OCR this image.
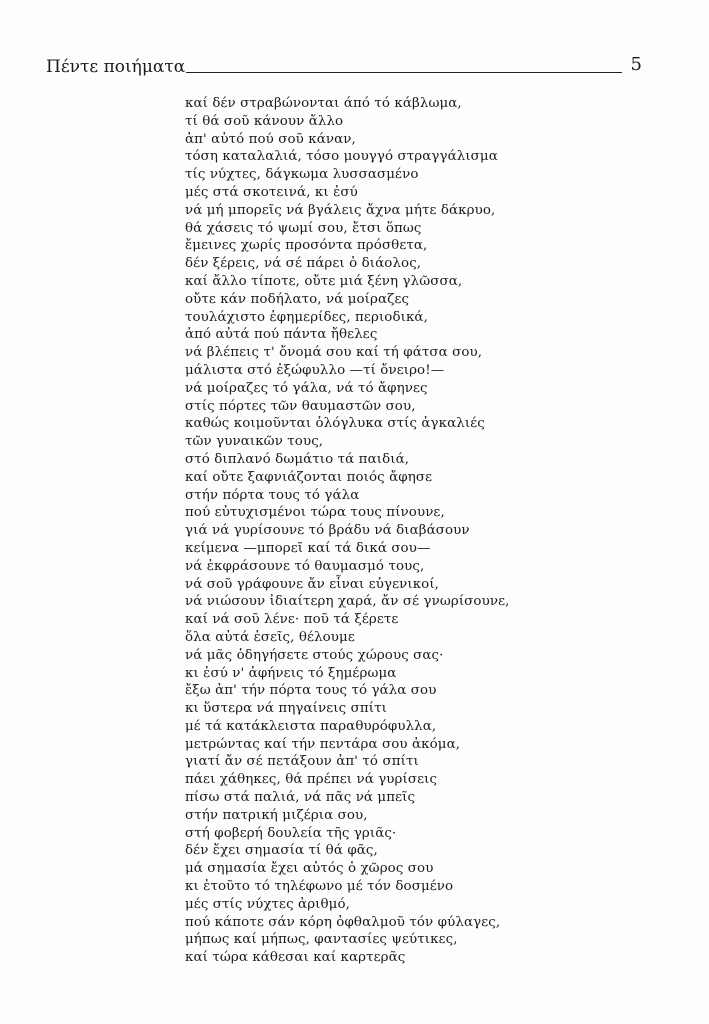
Πέντε ποιήματα	5
καί δέν στραβώνονται άπό τό κάβλωμα,
τί θά σοῦ κάνουν ἄλλο
ἀπ' αὐτό πού σοῦ κάναν,
τόση καταλαλιά, τόσο μουγγό στραγγάλισμα
τίς νύχτες, δάγκωμα λυσσασμένο
μές στά σκοτεινά, κι ἐσύ
νά μή μπορεῖς νά βγάλεις ἄχνα μήτε δάκρυο,
θά χάσεις τό ψωμί σου, ἔτσι ὅπως
ἔμεινες χωρίς προσόντα πρόσθετα,
δέν ξέρεις, νά σέ πάρει ὁ διάολος,
καί ἄλλο τίποτε, οὔτε μιά ξένη γλῶσσα,
οὔτε κάν ποδήλατο, νά μοίραζες
τουλάχιστο ἐφημερίδες, περιοδικά,
ἀπό αὐτά πού πάντα ἤθελες
νά βλέπεις τ' ὄνομά σου καί τή φάτσα σου,
μάλιστα στό ἐξώφυλλο —τί ὄνειρο!—
νά μοίραζες τό γάλα, νά τό ἄφηνες
στίς πόρτες τῶν θαυμαστῶν σου,
καθώς κοιμοῦνται ὁλόγλυκα στίς ἀγκαλιές
τῶν γυναικῶν τους,
στό διπλανό δωμάτιο τά παιδιά,
καί οὔτε ξαφνιάζονται ποιός ἄφησε
στήν πόρτα τους τό γάλα
πού εὐτυχισμένοι τώρα τους πίνουνε,
γιά νά γυρίσουνε τό βράδυ νά διαβάσουν
κείμενα —μπορεῖ καί τά δικά σου—
νά ἐκφράσουνε τό θαυμασμό τους,
νά σοῦ γράφουνε ἄν εἶναι εὐγενικοί,
νά νιώσουν ἰδιαίτερη χαρά, ἄν σέ γνωρίσουνε,
καί νά σοῦ λένε· ποῦ τά ξέρετε
ὅλα αὐτά ἐσεῖς, θέλουμε
νά μᾶς ὁδηγήσετε στούς χώρους σας·
κι ἐσύ ν' ἀφήνεις τό ξημέρωμα
ἔξω ἀπ' τήν πόρτα τους τό γάλα σου
κι ὕστερα νά πηγαίνεις σπίτι
μέ τά κατάκλειστα παραθυρόφυλλα,
μετρώντας καί τήν πεντάρα σου ἀκόμα,
γιατί ἄν σέ πετάξουν ἀπ' τό σπίτι
πάει χάθηκες, θά πρέπει νά γυρίσεις
πίσω στά παλιά, νά πᾶς νά μπεῖς
στήν πατρική μιζέρια σου,
στή φοβερή δουλεία τῆς γριᾶς·
δέν ἔχει σημασία τί θά φᾶς,
μά σημασία ἔχει αὐτός ὁ χῶρος σου
κι ἐτοῦτο τό τηλέφωνο μέ τόν δοσμένο
μές στίς νύχτες ἀριθμό,
πού κάποτε σάν κόρη ὀφθαλμοῦ τόν φύλαγες,
μήπως καί μήπως, φαντασίες ψεύτικες,
καί τώρα κάθεσαι καί καρτερᾶς
